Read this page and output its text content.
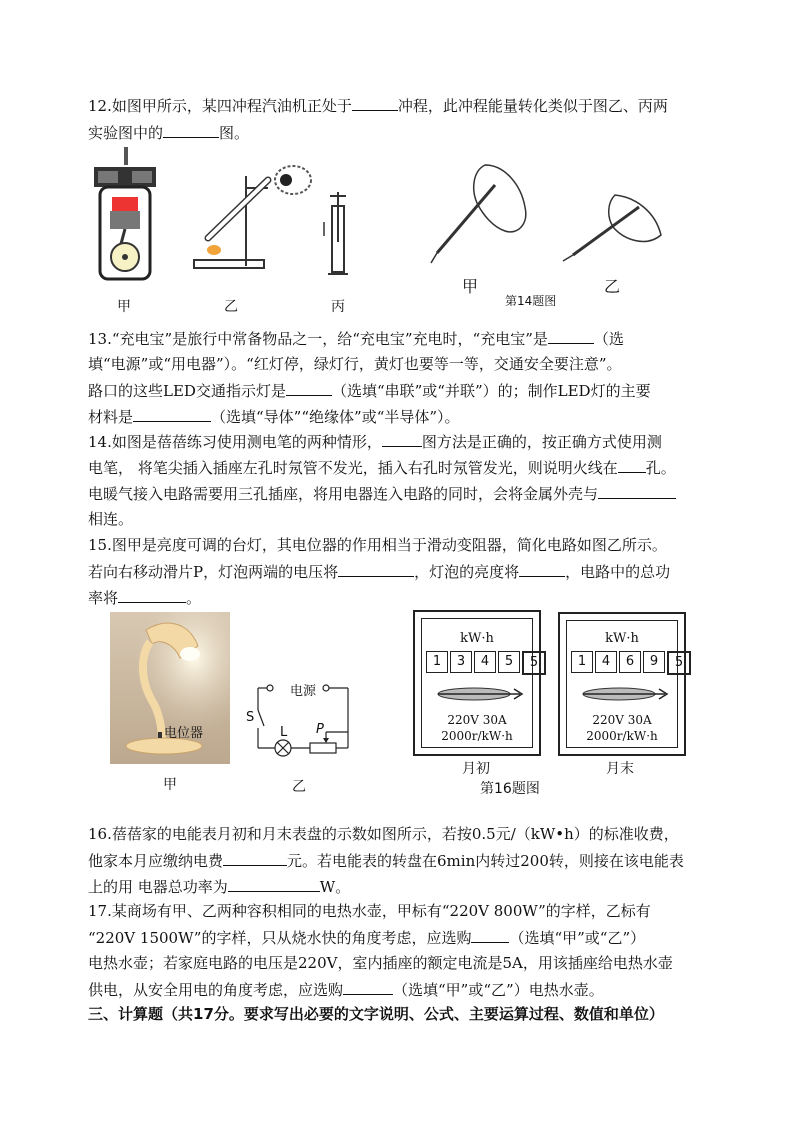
12.如图甲所示，某四冲程汽油机正处于	冲程，此冲程能量转化类似于图乙、丙两
实验图中的	图。
甲	乙	丙
甲	乙
第14题图
13.“充电宝”是旅行中常备物品之一，给“充电宝”充电时，“充电宝”是	（选
填“电源”或“用电器”）。“红灯停，绿灯行，黄灯也要等一等，交通安全要注意”。
路口的这些LED交通指示灯是	（选填“串联”或“并联”）的；制作LED灯的主要
材料是	（选填“导体”“绝缘体”或“半导体”）。
14.如图是蓓蓓练习使用测电笔的两种情形，	图方法是正确的，按正确方式使用测
电笔， 将笔尖插入插座左孔时氖管不发光，插入右孔时氖管发光，则说明火线在 孔。
电暖气接入电路需要用三孔插座，将用电器连入电路的同时，会将金属外壳与
相连。
15.图甲是亮度可调的台灯，其电位器的作用相当于滑动变阻器，简化电路如图乙所示。
若向右移动滑片P，灯泡两端的电压将	，灯泡的亮度将	，电路中的总功
率将	。
电位器
甲
电源
S
L P
乙
kW·h
1	3	4	5	5
220V 30A
2000r/kW·h
月初
kW·h
1	4	6	9	5
220V 30A
2000r/kW·h
月末
第16题图
16.蓓蓓家的电能表月初和月末表盘的示数如图所示，若按0.5元/（kW•h）的标准收费，
他家本月应缴纳电费	元。若电能表的转盘在6min内转过200转，则接在该电能表
上的用 电器总功率为	W。
17.某商场有甲、乙两种容积相同的电热水壶，甲标有“220V 800W”的字样，乙标有
“220V 1500W”的字样，只从烧水快的角度考虑，应选购	（选填“甲”或“乙”）
电热水壶；若家庭电路的电压是220V，室内插座的额定电流是5A，用该插座给电热水壶
供电，从安全用电的角度考虑，应选购	（选填“甲”或“乙”）电热水壶。
三、计算题（共17分。要求写出必要的文字说明、公式、主要运算过程、数值和单位）
